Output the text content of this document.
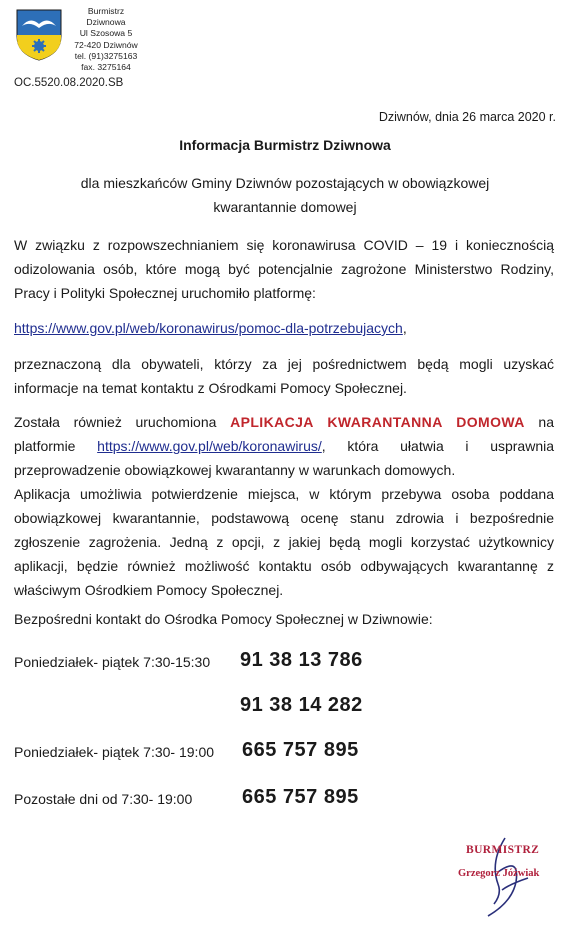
Burmistrz Dziwnowa
Ul Szosowa 5
72-420 Dziwnów
tel. (91)3275163
fax. 3275164
OC.5520.08.2020.SB
Dziwnów, dnia 26 marca 2020 r.
Informacja Burmistrz Dziwnowa
dla mieszkańców Gminy Dziwnów pozostających w obowiązkowej
kwarantannie domowej
W związku z rozpowszechnianiem się koronawirusa COVID – 19 i koniecznością odizolowania osób, które mogą być potencjalnie zagrożone Ministerstwo Rodziny, Pracy i Polityki Społecznej uruchomiło platformę:
https://www.gov.pl/web/koronawirus/pomoc-dla-potrzebujacych,
przeznaczoną dla obywateli, którzy za jej pośrednictwem będą mogli uzyskać informacje na temat kontaktu z Ośrodkami Pomocy Społecznej.
Została również uruchomiona APLIKACJA KWARANTANNA DOMOWA na platformie https://www.gov.pl/web/koronawirus/, która ułatwia i usprawnia przeprowadzenie obowiązkowej kwarantanny w warunkach domowych.
Aplikacja umożliwia potwierdzenie miejsca, w którym przebywa osoba poddana obowiązkowej kwarantannie, podstawową ocenę stanu zdrowia i bezpośrednie zgłoszenie zagrożenia. Jedną z opcji, z jakiej będą mogli korzystać użytkownicy aplikacji, będzie również możliwość kontaktu osób odbywających kwarantannę z właściwym Ośrodkiem Pomocy Społecznej.
Bezpośredni kontakt do Ośrodka Pomocy Społecznej w Dziwnowie:
Poniedziałek- piątek 7:30-15:30 91 38 13 786
91 38 14 282
Poniedziałek- piątek 7:30- 19:00 665 757 895
Pozostałe dni od 7:30- 19:00 665 757 895
BURMISTRZ
Grzegorz Jóźwiak
